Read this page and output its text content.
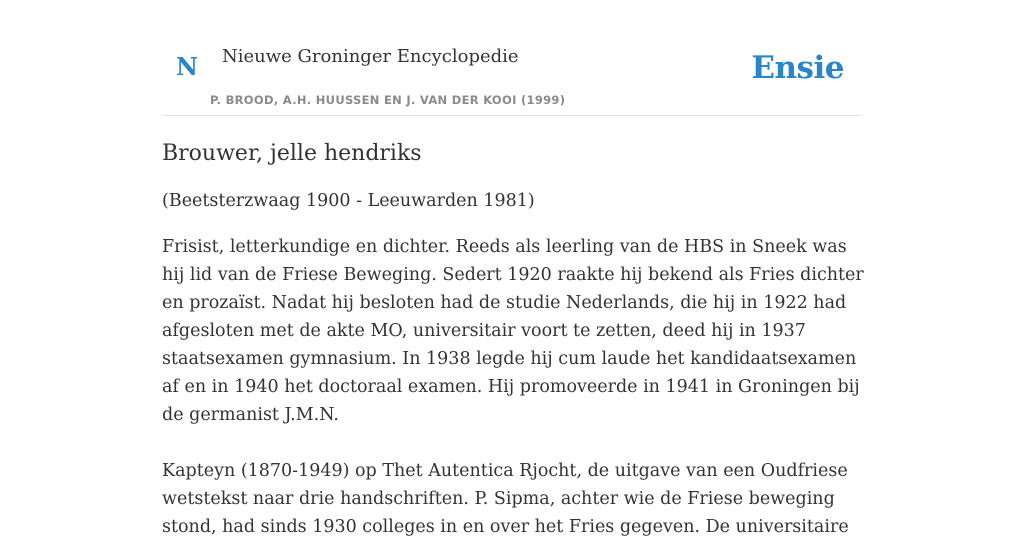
N Nieuwe Groninger Encyclopedie
P. BROOD, A.H. HUUSSEN EN J. VAN DER KOOI (1999)
Ensie
Brouwer, jelle hendriks

(Beetsterzwaag 1900 - Leeuwarden 1981)

Frisist, letterkundige en dichter. Reeds als leerling van de HBS in Sneek was hij lid van de Friese Beweging. Sedert 1920 raakte hij bekend als Fries dichter en prozaïst. Nadat hij besloten had de studie Nederlands, die hij in 1922 had afgesloten met de akte MO, universitair voort te zetten, deed hij in 1937 staatsexamen gymnasium. In 1938 legde hij cum laude het kandidaatsexamen af en in 1940 het doctoraal examen. Hij promoveerde in 1941 in Groningen bij de germanist J.M.N.

Kapteyn (1870-1949) op Thet Autentica Rjocht, de uitgave van een Oudfriese wetstekst naar drie handschriften. P. Sipma, achter wie de Friese beweging stond, had sinds 1930 colleges in en over het Fries gegeven. De universitaire
